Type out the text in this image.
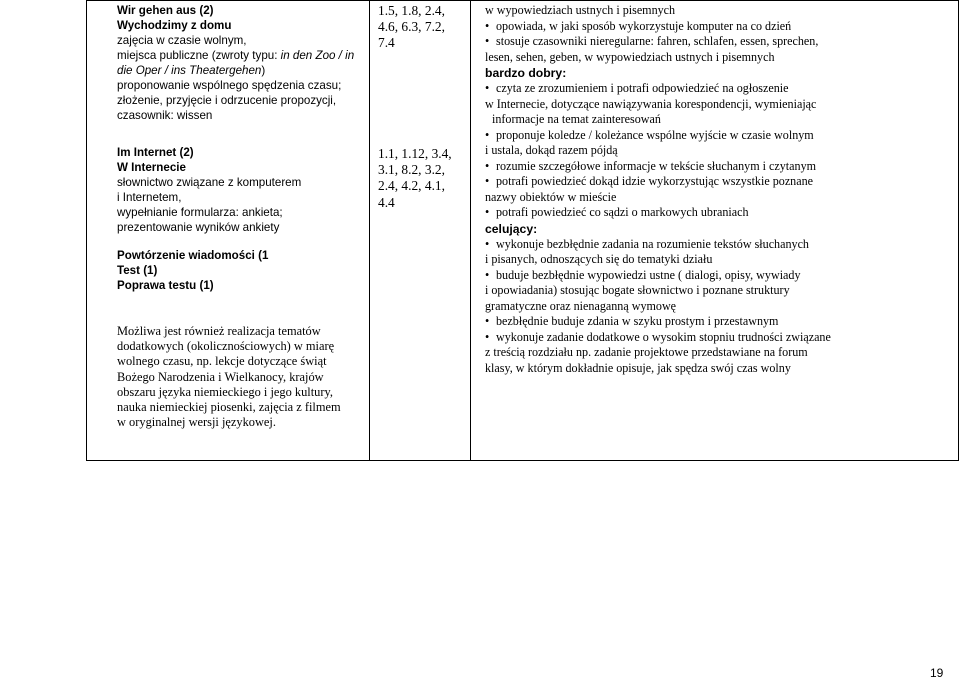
Wir gehen aus (2)
Wychodzimy z domu
zajęcia w czasie wolnym,
miejsca publiczne (zwroty typu: in den Zoo / in
die Oper / ins Theatergehen)
proponowanie wspólnego spędzenia czasu;
złożenie, przyjęcie i odrzucenie propozycji,
czasownik: wissen
Im Internet (2)
W Internecie
słownictwo związane z komputerem
i Internetem,
wypełnianie formularza: ankieta;
prezentowanie wyników ankiety
Powtórzenie wiadomości (1
Test (1)
Poprawa testu (1)
Możliwa jest również realizacja tematów
dodatkowych (okolicznościowych) w miarę
wolnego czasu, np. lekcje dotyczące świąt
Bożego Narodzenia i Wielkanocy, krajów
obszaru języka niemieckiego i jego kultury,
nauka niemieckiej piosenki, zajęcia z filmem
w oryginalnej wersji językowej.
1.5, 1.8, 2.4,
4.6, 6.3, 7.2,
7.4
1.1, 1.12, 3.4,
3.1, 8.2, 3.2,
2.4, 4.2, 4.1,
4.4
w wypowiedziach ustnych i pisemnych
• opowiada, w jaki sposób wykorzystuje komputer na co dzień
• stosuje czasowniki nieregularne: fahren, schlafen, essen, sprechen,
lesen, sehen, geben, w wypowiedziach ustnych i pisemnych
bardzo dobry:
• czyta ze zrozumieniem i potrafi odpowiedzieć na ogłoszenie
w Internecie, dotyczące nawiązywania korespondencji, wymieniając
informacje na temat zainteresowań
• proponuje koledze / koleżance wspólne wyjście w czasie wolnym
i ustala, dokąd razem pójdą
• rozumie szczegółowe informacje w tekście słuchanym i czytanym
• potrafi powiedzieć dokąd idzie wykorzystując wszystkie poznane
nazwy obiektów w mieście
• potrafi powiedzieć co sądzi o markowych ubraniach
celujący:
• wykonuje bezbłędnie zadania na rozumienie tekstów słuchanych
i pisanych, odnoszących się do tematyki działu
• buduje bezbłędnie wypowiedzi ustne ( dialogi, opisy, wywiady
i opowiadania) stosując bogate słownictwo i poznane struktury
gramatyczne oraz nienaganną wymowę
• bezbłędnie buduje zdania w szyku prostym i przestawnym
• wykonuje zadanie dodatkowe o wysokim stopniu trudności związane
z treścią rozdziału np. zadanie projektowe przedstawiane na forum
klasy, w którym dokładnie opisuje, jak spędza swój czas wolny
19
